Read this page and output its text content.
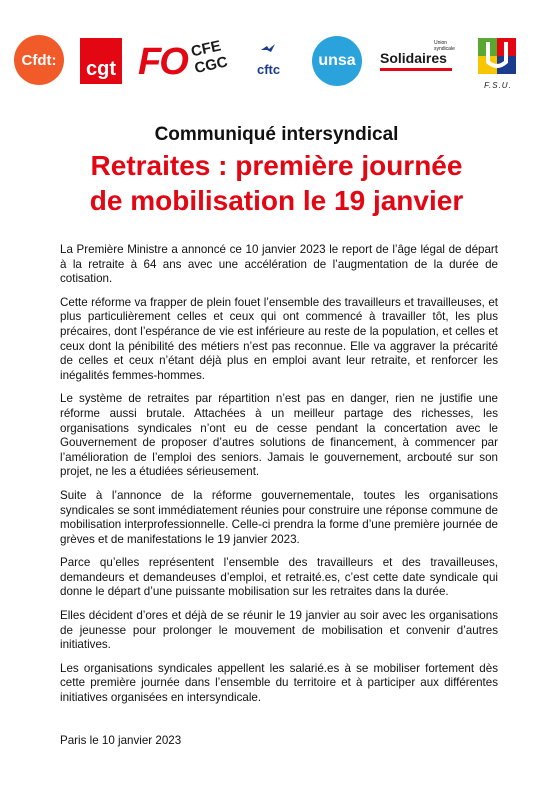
Cfdt: cgt FO CFE
CGC	cftc
unsa
Union syndicale
Solidaires
F.S.U.
Communiqué intersyndical
Retraites : première journée
de mobilisation le 19 janvier

La Première Ministre a annoncé ce 10 janvier 2023 le report de l’âge légal de départ à la retraite à 64 ans avec une accélération de l’augmentation de la durée de cotisation.

Cette réforme va frapper de plein fouet l’ensemble des travailleurs et travailleuses, et plus particulièrement celles et ceux qui ont commencé à travailler tôt, les plus précaires, dont l’espérance de vie est inférieure au reste de la population, et celles et ceux dont la pénibilité des métiers n’est pas reconnue. Elle va aggraver la précarité de celles et ceux n’étant déjà plus en emploi avant leur retraite, et renforcer les inégalités femmes-hommes.

Le système de retraites par répartition n’est pas en danger, rien ne justifie une réforme aussi brutale. Attachées à un meilleur partage des richesses, les organisations syndicales n’ont eu de cesse pendant la concertation avec le Gouvernement de proposer d’autres solutions de financement, à commencer par l’amélioration de l’emploi des seniors. Jamais le gouvernement, arcbouté sur son projet, ne les a étudiées sérieusement.

Suite à l’annonce de la réforme gouvernementale, toutes les organisations syndicales se sont immédiatement réunies pour construire une réponse commune de mobilisation interprofessionnelle. Celle-ci prendra la forme d’une première journée de grèves et de manifestations le 19 janvier 2023.

Parce qu’elles représentent l’ensemble des travailleurs et des travailleuses, demandeurs et demandeuses d’emploi, et retraité.es, c’est cette date syndicale qui donne le départ d’une puissante mobilisation sur les retraites dans la durée.

Elles décident d’ores et déjà de se réunir le 19 janvier au soir avec les organisations de jeunesse pour prolonger le mouvement de mobilisation et convenir d’autres initiatives.

Les organisations syndicales appellent les salarié.es à se mobiliser fortement dès cette première journée dans l’ensemble du territoire et à participer aux différentes initiatives organisées en intersyndicale.

Paris le 10 janvier 2023
